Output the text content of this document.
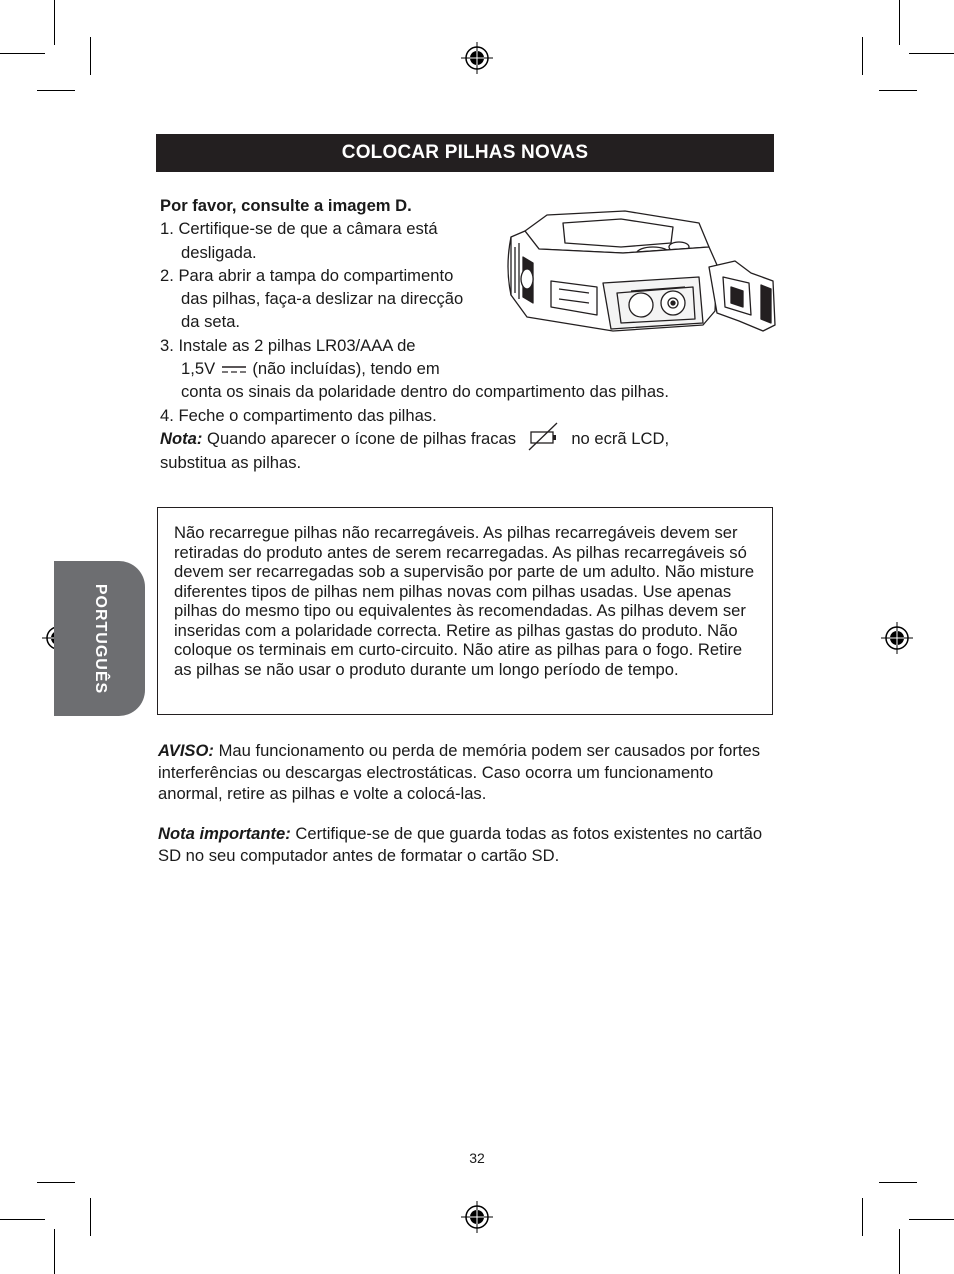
COLOCAR PILHAS NOVAS
PORTUGUÊS

Por favor, consulte a imagem D.

1. Certifique-se de que a câmara está

desligada.

2. Para abrir a tampa do compartimento

das pilhas, faça-a deslizar na direcção

da seta.

3. Instale as 2 pilhas LR03/AAA de

1,5V (não incluídas), tendo em

conta os sinais da polaridade dentro do compartimento das pilhas.

4. Feche o compartimento das pilhas.

Nota: Quando aparecer o ícone de pilhas fracas	no ecrã LCD,

substitua as pilhas.

Não recarregue pilhas não recarregáveis. As pilhas recarregáveis devem ser retiradas do produto antes de serem recarregadas. As pilhas recarregáveis só devem ser recarregadas sob a supervisão por parte de um adulto. Não misture diferentes tipos de pilhas nem pilhas novas com pilhas usadas. Use apenas pilhas do mesmo tipo ou equivalentes às recomendadas. As pilhas devem ser inseridas com a polaridade correcta. Retire as pilhas gastas do produto. Não coloque os terminais em curto-circuito. Não atire as pilhas para o fogo. Retire as pilhas se não usar o produto durante um longo período de tempo.
AVISO: Mau funcionamento ou perda de memória podem ser causados por fortes interferências ou descargas electrostáticas. Caso ocorra um funcionamento anormal, retire as pilhas e volte a colocá-las.
Nota importante: Certifique-se de que guarda todas as fotos existentes no cartão SD no seu computador antes de formatar o cartão SD.
32
